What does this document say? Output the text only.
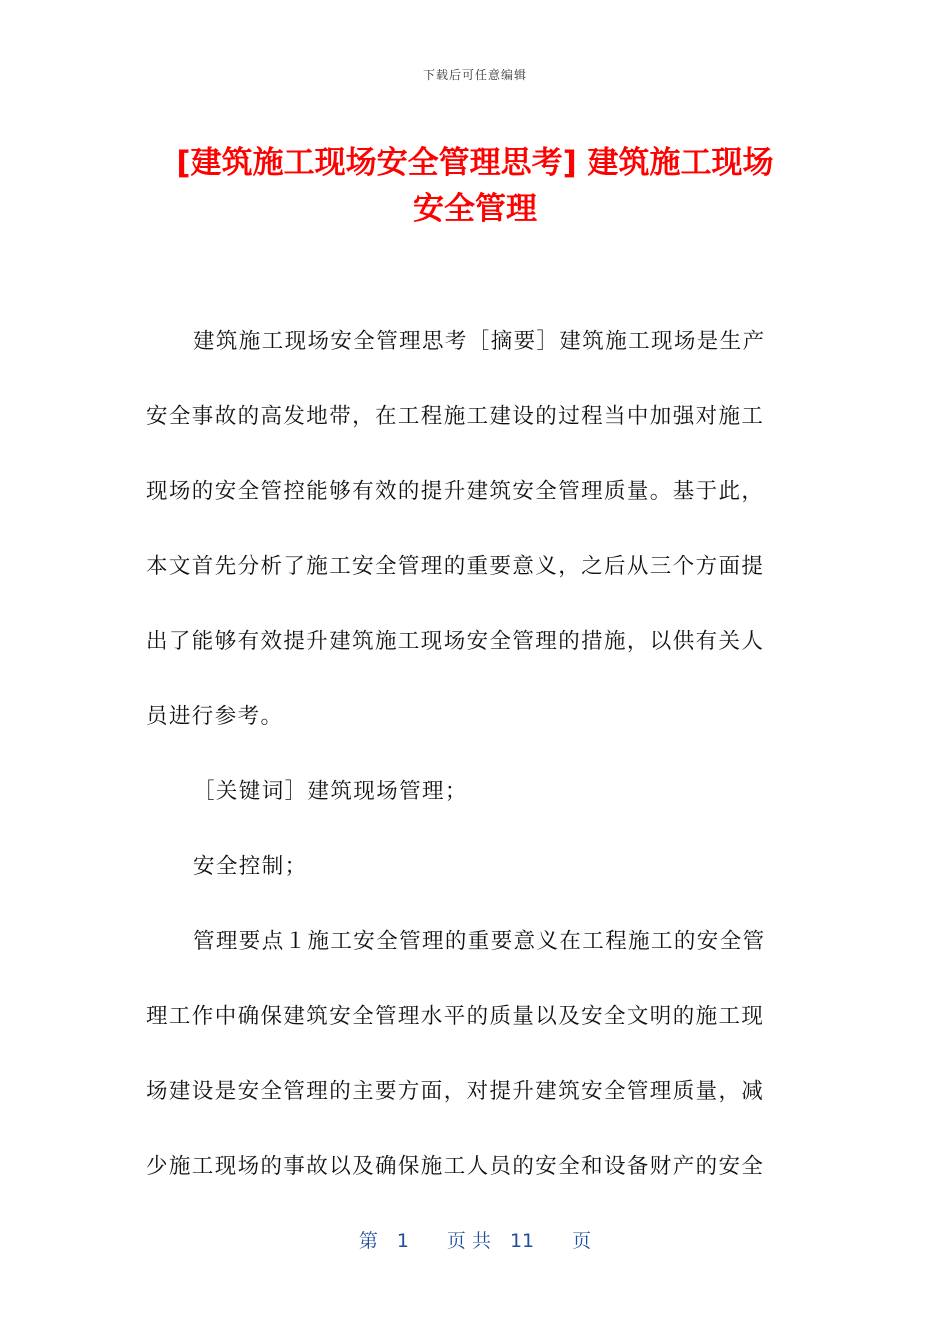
下载后可任意编辑
[建筑施工现场安全管理思考] 建筑施工现场
安全管理
建筑施工现场安全管理思考［摘要］建筑施工现场是生产
安全事故的高发地带，在工程施工建设的过程当中加强对施工
现场的安全管控能够有效的提升建筑安全管理质量。基于此，
本文首先分析了施工安全管理的重要意义，之后从三个方面提
出了能够有效提升建筑施工现场安全管理的措施，以供有关人
员进行参考。
［关键词］建筑现场管理；
安全控制；
管理要点１施工安全管理的重要意义在工程施工的安全管
理工作中确保建筑安全管理水平的质量以及安全文明的施工现
场建设是安全管理的主要方面，对提升建筑安全管理质量，减
少施工现场的事故以及确保施工人员的安全和设备财产的安全
第　1　　页 共　11　　页
